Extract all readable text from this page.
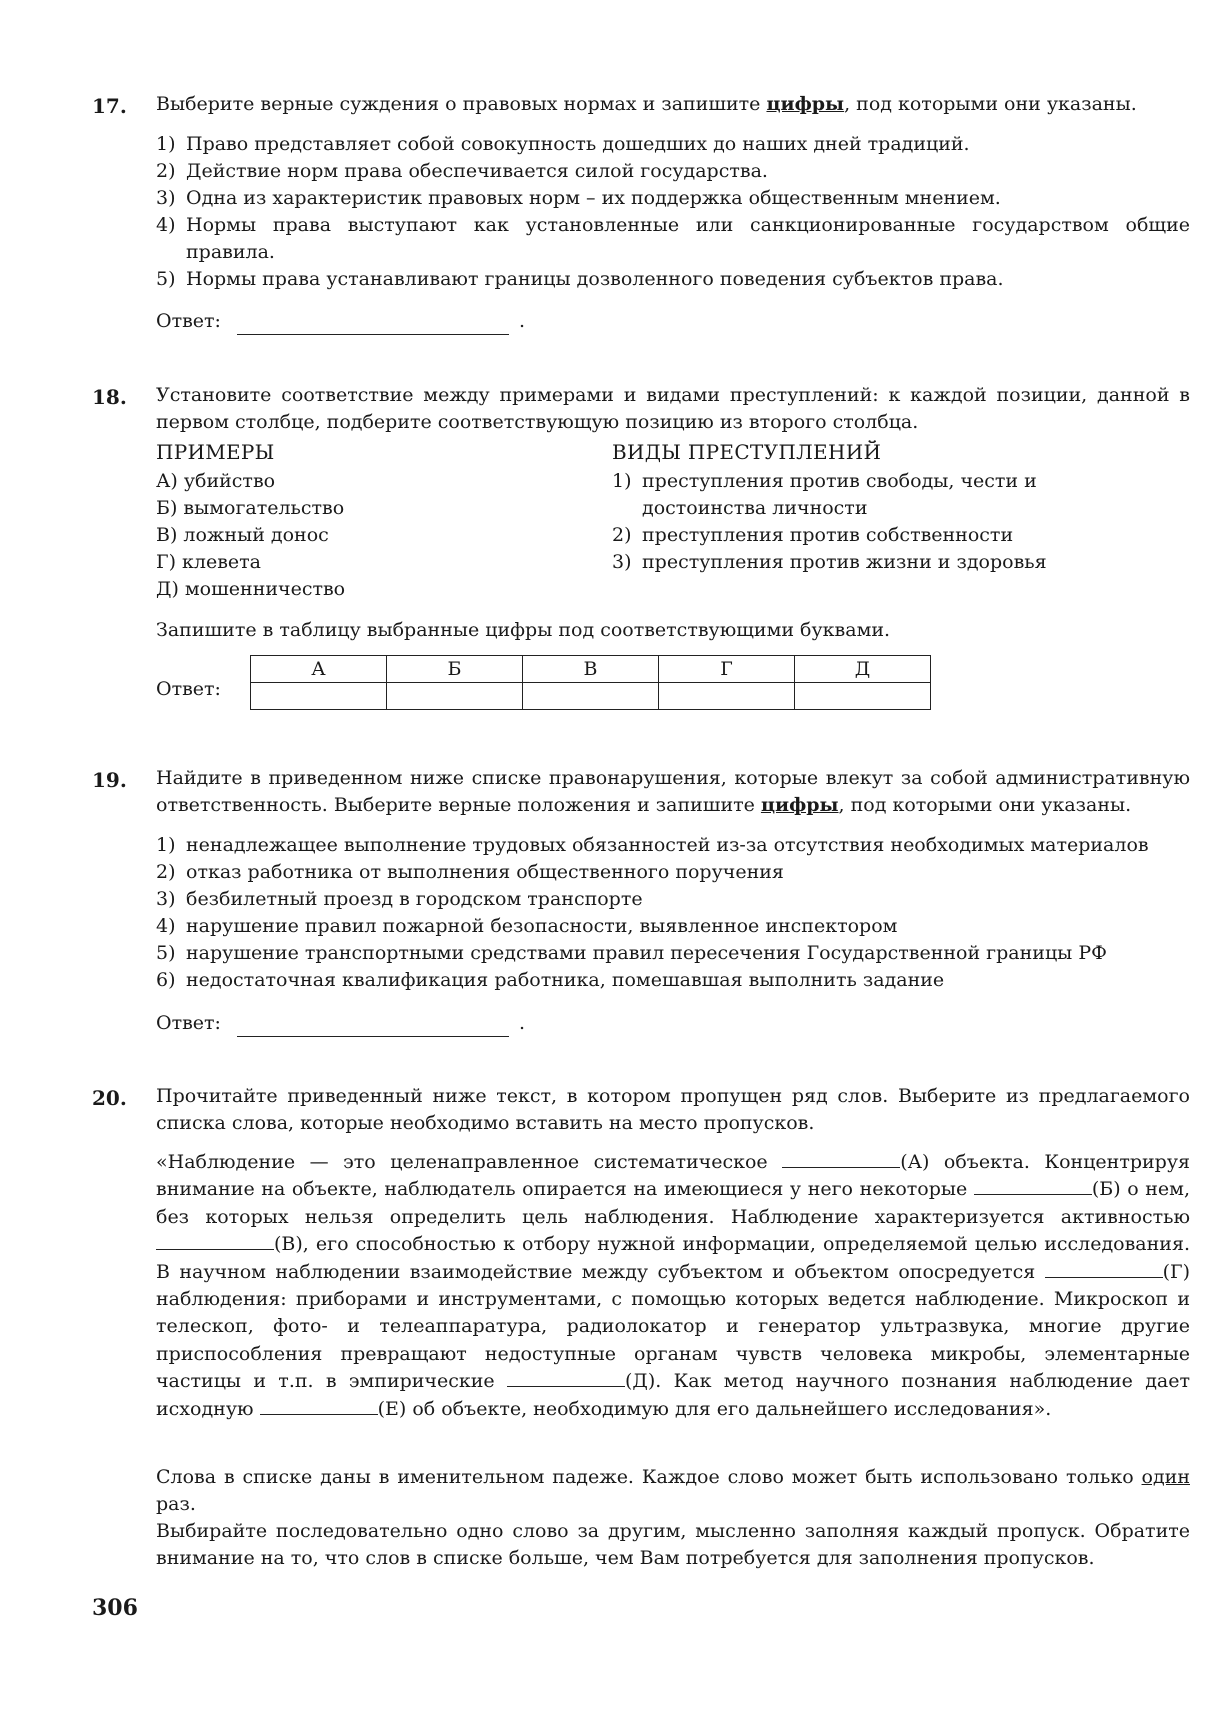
17. Выберите верные суждения о правовых нормах и запишите цифры, под которыми они указаны.
1) Право представляет собой совокупность дошедших до наших дней традиций.
2) Действие норм права обеспечивается силой государства.
3) Одна из характеристик правовых норм – их поддержка общественным мнением.
4) Нормы права выступают как установленные или санкционированные государством общие правила.
5) Нормы права устанавливают границы дозволенного поведения субъектов права.
Ответ:	.
18. Установите соответствие между примерами и видами преступлений: к каждой позиции, данной в первом столбце, подберите соответствующую позицию из второго столбца.
ПРИМЕРЫ	ВИДЫ ПРЕСТУПЛЕНИЙ
А) убийство
Б) вымогательство
В) ложный донос
Г) клевета
Д) мошенничество
1) преступления против свободы, чести и достоинства личности
2) преступления против собственности
3) преступления против жизни и здоровья
Запишите в таблицу выбранные цифры под соответствующими буквами.
Ответ:
А	Б	В	Г	Д

19. Найдите в приведенном ниже списке правонарушения, которые влекут за собой административную ответственность. Выберите верные положения и запишите цифры, под которыми они указаны.
1) ненадлежащее выполнение трудовых обязанностей из-за отсутствия необходимых материалов
2) отказ работника от выполнения общественного поручения
3) безбилетный проезд в городском транспорте
4) нарушение правил пожарной безопасности, выявленное инспектором
5) нарушение транспортными средствами правил пересечения Государственной границы РФ
6) недостаточная квалификация работника, помешавшая выполнить задание
Ответ:	.
20. Прочитайте приведенный ниже текст, в котором пропущен ряд слов. Выберите из предлагаемого списка слова, которые необходимо вставить на место пропусков.
«Наблюдение — это целенаправленное систематическое	(А) объекта. Концентрируя внимание на объекте, наблюдатель опирается на имеющиеся у него некоторые	(Б) о нем, без которых нельзя определить цель наблюдения. Наблюдение характеризуется активностью (В), его способностью к отбору нужной информации, определяемой целью исследования. В научном наблюдении взаимодействие между субъектом и объектом опосредуется	(Г) наблюдения: приборами и инструментами, с помощью которых ведется наблюдение. Микроскоп и телескоп, фото- и телеаппаратура, радиолокатор и генератор ультразвука, многие другие приспособления превращают недоступные органам чувств человека микробы, элементарные частицы и т.п. в эмпирические	(Д). Как метод научного познания наблюдение дает исходную	(Е) об объекте, необходимую для его дальнейшего исследования».
Слова в списке даны в именительном падеже. Каждое слово может быть использовано только один раз.
Выбирайте последовательно одно слово за другим, мысленно заполняя каждый пропуск. Обратите внимание на то, что слов в списке больше, чем Вам потребуется для заполнения пропусков.
306
